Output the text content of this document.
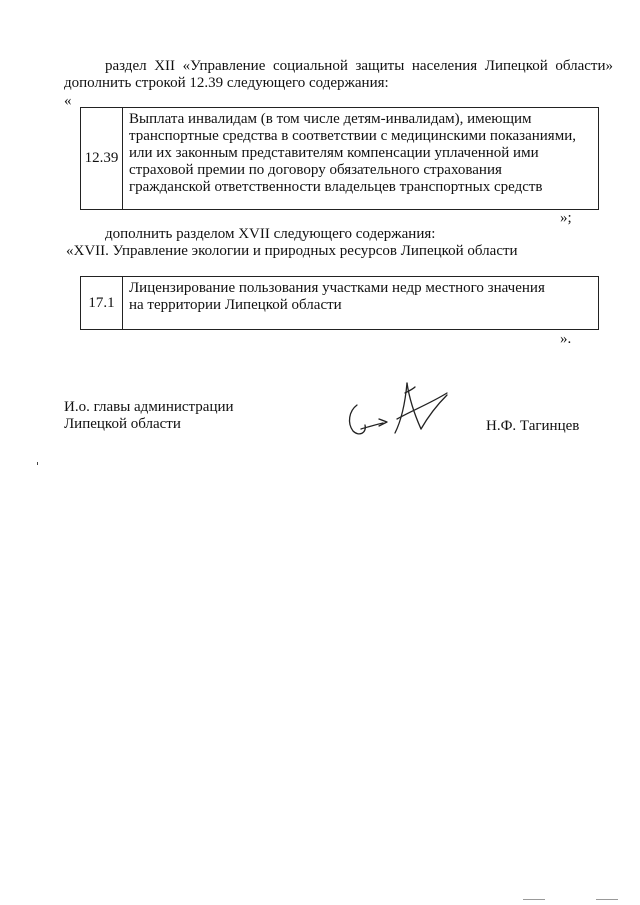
раздел XII «Управление социальной защиты населения Липецкой области»
дополнить строкой 12.39 следующего содержания:
«
12.39
Выплата инвалидам (в том числе детям-инвалидам), имеющим
транспортные средства в соответствии с медицинскими показаниями,
или их законным представителям компенсации уплаченной ими
страховой премии по договору обязательного страхования
гражданской ответственности владельцев транспортных средств
»;
дополнить разделом XVII следующего содержания:
«XVII. Управление экологии и природных ресурсов Липецкой области
17.1
Лицензирование пользования участками недр местного значения
на территории Липецкой области
».
И.о. главы администрации
Липецкой области	Н.Ф. Тагинцев
